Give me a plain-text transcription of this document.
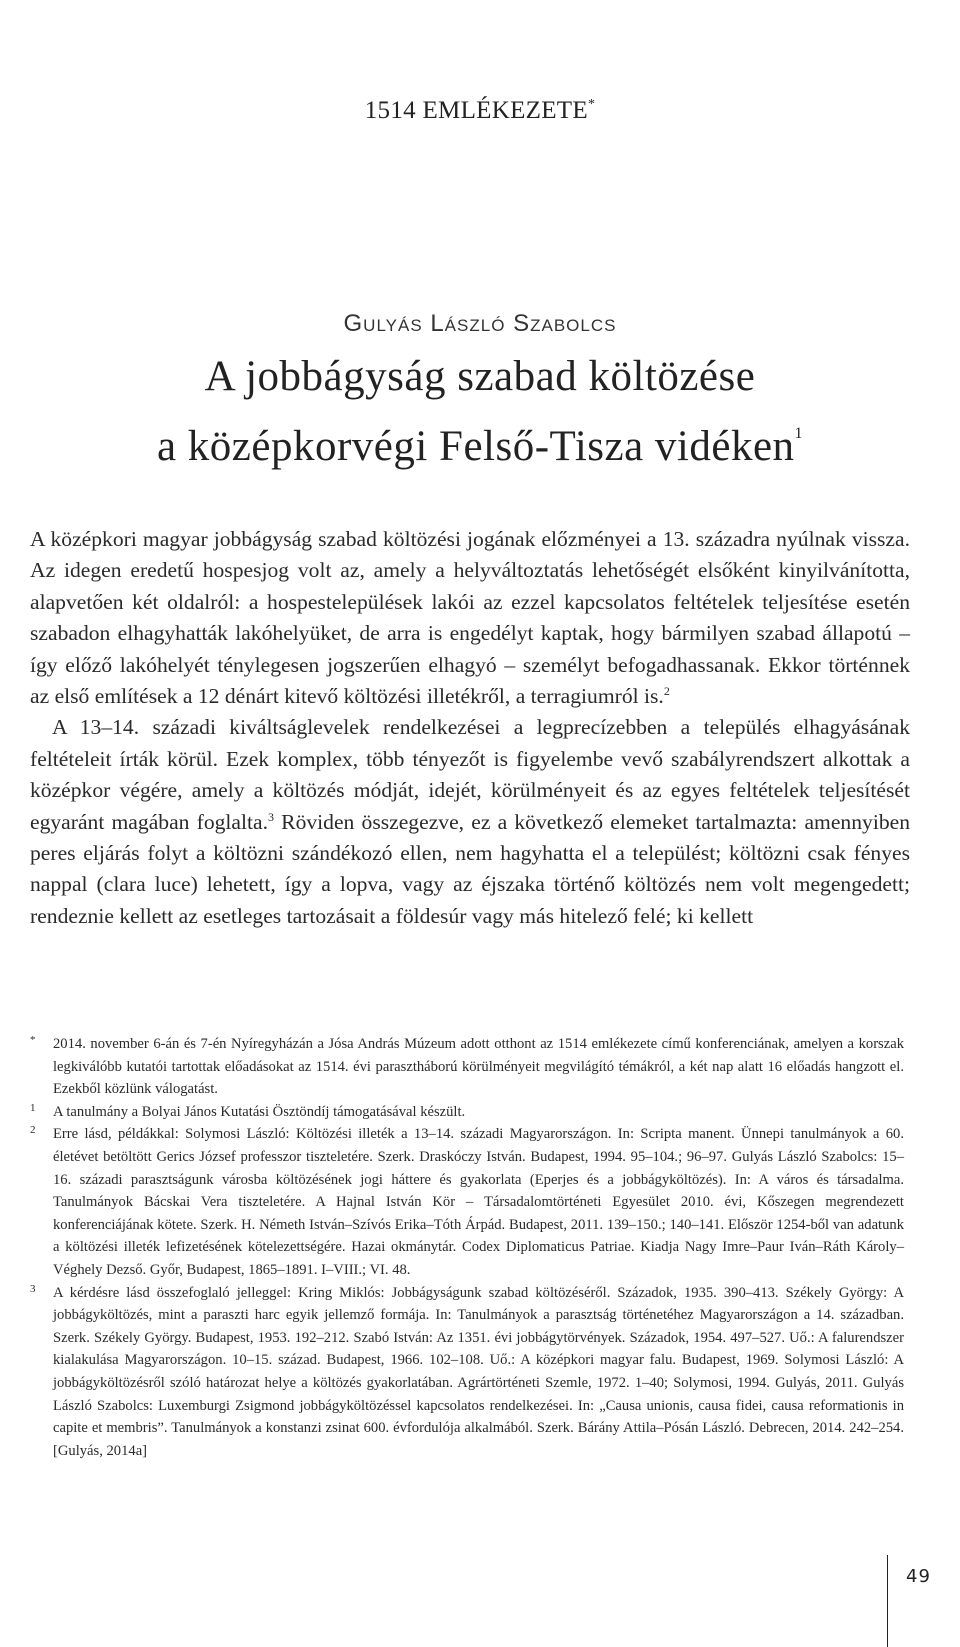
1514 EMLÉKEZETE*
Gulyás László Szabolcs
A jobbágyság szabad költözése
a középkorvégi Felső-Tisza vidéken$^1$

A középkori magyar jobbágyság szabad költözési jogának előzményei a 13. századra nyúlnak vissza. Az idegen eredetű hospesjog volt az, amely a helyváltoztatás lehetőségét elsőként kinyilvánította, alapvetően két oldalról: a hospestelepülések lakói az ezzel kapcsolatos feltételek teljesítése esetén szabadon elhagyhatták lakóhelyüket, de arra is engedélyt kaptak, hogy bármilyen szabad állapotú – így előző lakóhelyét ténylegesen jogszerűen elhagyó – személyt befogadhassanak. Ekkor történnek az első említések a 12 dénárt kitevő költözési illetékről, a terragiumról is.$^2$

A 13–14. századi kiváltságlevelek rendelkezései a legprecízebben a település elhagyásának feltételeit írták körül. Ezek komplex, több tényezőt is figyelembe vevő szabályrendszert alkottak a középkor végére, amely a költözés módját, idejét, körülményeit és az egyes feltételek teljesítését egyaránt magában foglalta.$^3$ Röviden összegezve, ez a következő elemeket tartalmazta: amennyiben peres eljárás folyt a költözni szándékozó ellen, nem hagyhatta el a települést; költözni csak fényes nappal (clara luce) lehetett, így a lopva, vagy az éjszaka történő költözés nem volt megengedett; rendeznie kellett az esetleges tartozásait a földesúr vagy más hitelező felé; ki kellett

* 2014. november 6-án és 7-én Nyíregyházán a Jósa András Múzeum adott otthont az 1514 emlékezete című konferenciának, amelyen a korszak legkiválóbb kutatói tartottak előadásokat az 1514. évi parasztháború körülményeit megvilágító témákról, a két nap alatt 16 előadás hangzott el. Ezekből közlünk válogatást.

1 A tanulmány a Bolyai János Kutatási Ösztöndíj támogatásával készült.

2 Erre lásd, példákkal: Solymosi László: Költözési illeték a 13–14. századi Magyarországon. In: Scripta manent. Ünnepi tanulmányok a 60. életévet betöltött Gerics József professzor tiszteletére. Szerk. Draskóczy István. Budapest, 1994. 95–104.; 96–97. Gulyás László Szabolcs: 15–16. századi parasztságunk városba költözésének jogi háttere és gyakorlata (Eperjes és a jobbágyköltözés). In: A város és társadalma. Tanulmányok Bácskai Vera tiszteletére. A Hajnal István Kör – Társadalomtörténeti Egyesület 2010. évi, Kőszegen megrendezett konferenciájának kötete. Szerk. H. Németh István–Szívós Erika–Tóth Árpád. Budapest, 2011. 139–150.; 140–141. Először 1254-ből van adatunk a költözési illeték lefizetésének kötelezettségére. Hazai okmánytár. Codex Diplomaticus Patriae. Kiadja Nagy Imre–Paur Iván–Ráth Károly–Véghely Dezső. Győr, Budapest, 1865–1891. I–VIII.; VI. 48.

3 A kérdésre lásd összefoglaló jelleggel: Kring Miklós: Jobbágyságunk szabad költözéséről. Századok, 1935. 390–413. Székely György: A jobbágyköltözés, mint a paraszti harc egyik jellemző formája. In: Tanulmányok a parasztság történetéhez Magyarországon a 14. században. Szerk. Székely György. Budapest, 1953. 192–212. Szabó István: Az 1351. évi jobbágytörvények. Századok, 1954. 497–527. Uő.: A falurendszer kialakulása Magyarországon. 10–15. század. Budapest, 1966. 102–108. Uő.: A középkori magyar falu. Budapest, 1969. Solymosi László: A jobbágyköltözésről szóló határozat helye a költözés gyakorlatában. Agrártörténeti Szemle, 1972. 1–40; Solymosi, 1994. Gulyás, 2011. Gulyás László Szabolcs: Luxemburgi Zsigmond jobbágyköltözéssel kapcsolatos rendelkezései. In: „Causa unionis, causa fidei, causa reformationis in capite et membris”. Tanulmányok a konstanzi zsinat 600. évfordulója alkalmából. Szerk. Bárány Attila–Pósán László. Debrecen, 2014. 242–254. [Gulyás, 2014a]

49
